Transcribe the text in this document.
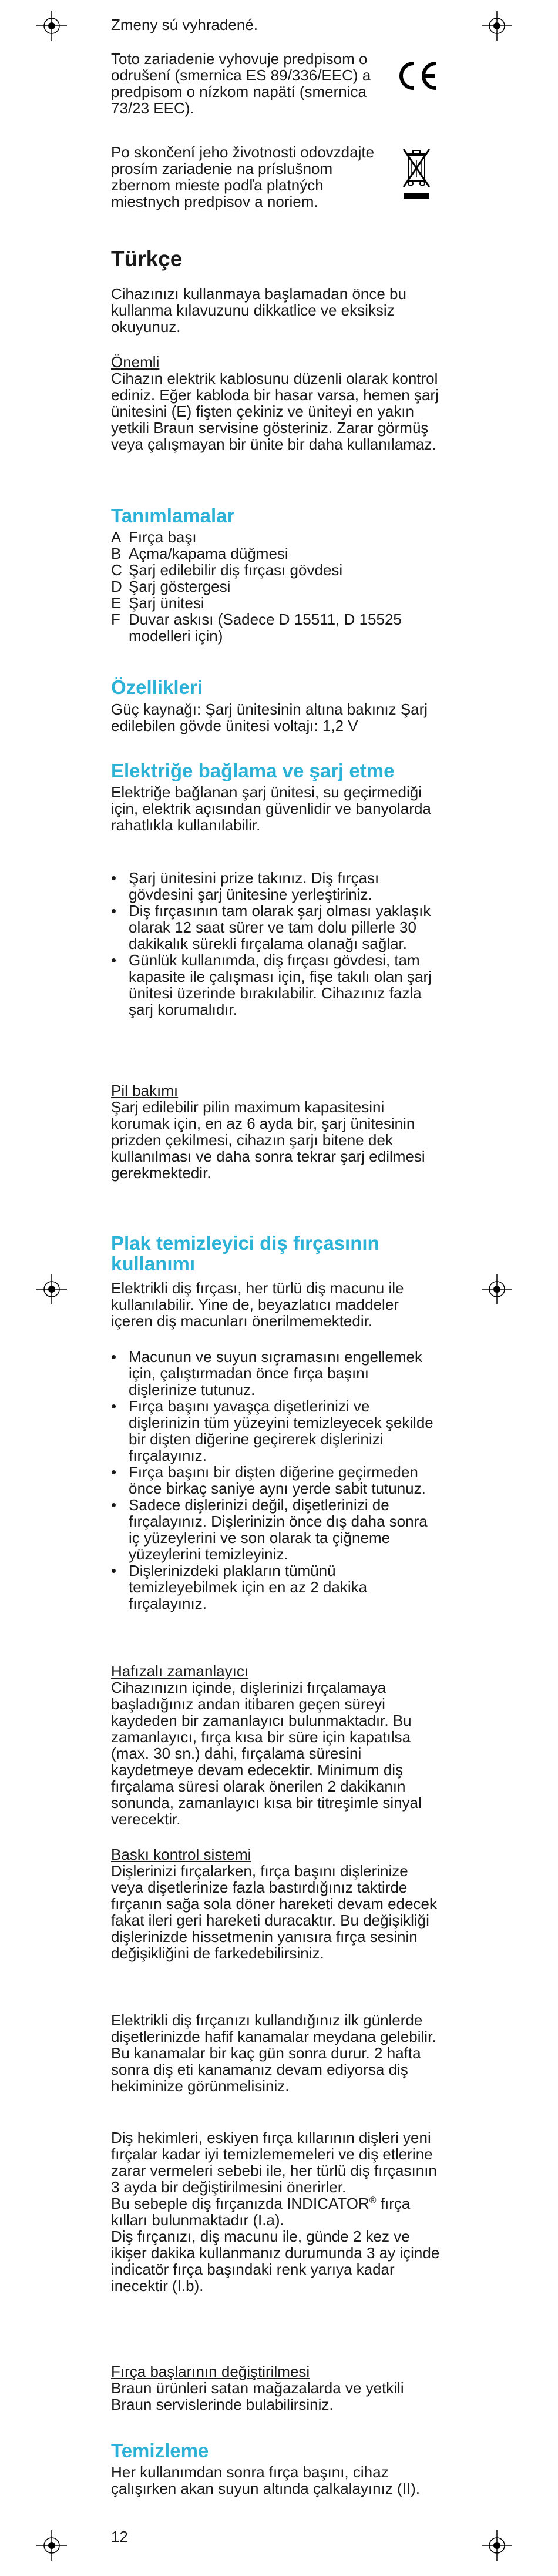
Zmeny sú vyhradené.

Toto zariadenie vyhovuje predpisom o odrušení (smernica ES 89/336/EEC) a predpisom o nízkom napätí (smernica 73/23 EEC).

Po skončení jeho životnosti odovzdajte prosím zariadenie na príslušnom zbernom mieste podľa platných miestnych predpisov a noriem.

Türkçe

Cihazınızı kullanmaya başlamadan önce bu kullanma kılavuzunu dikkatlice ve eksiksiz okuyunuz.

Önemli

Cihazın elektrik kablosunu düzenli olarak kontrol ediniz. Eğer kabloda bir hasar varsa, hemen şarj ünitesini (E) fişten çekiniz ve üniteyi en yakın yetkili Braun servisine gösteriniz. Zarar görmüş veya çalışmayan bir ünite bir daha kullanılamaz.

Tanımlamalar
A Fırça başı
B Açma/kapama düğmesi
C Şarj edilebilir diş fırçası gövdesi
D Şarj göstergesi
E Şarj ünitesi
F Duvar askısı (Sadece D 15511, D 15525 modelleri için)
Özellikleri

Güç kaynağı: Şarj ünitesinin altına bakınız Şarj edilebilen gövde ünitesi voltajı: 1,2 V

Elektriğe bağlama ve şarj etme

Elektriğe bağlanan şarj ünitesi, su geçirmediği için, elektrik açısından güvenlidir ve banyolarda rahatlıkla kullanılabilir.

• Şarj ünitesini prize takınız. Diş fırçası gövdesini şarj ünitesine yerleştiriniz.
• Diş fırçasının tam olarak şarj olması yaklaşık olarak 12 saat sürer ve tam dolu pillerle 30 dakikalık sürekli fırçalama olanağı sağlar.
• Günlük kullanımda, diş fırçası gövdesi, tam kapasite ile çalışması için, fişe takılı olan şarj ünitesi üzerinde bırakılabilir. Cihazınız fazla şarj korumalıdır.

Pil bakımı

Şarj edilebilir pilin maximum kapasitesini korumak için, en az 6 ayda bir, şarj ünitesinin prizden çekilmesi, cihazın şarjı bitene dek kullanılması ve daha sonra tekrar şarj edilmesi gerekmektedir.

Plak temizleyici diş fırçasının kullanımı

Elektrikli diş fırçası, her türlü diş macunu ile kullanılabilir. Yine de, beyazlatıcı maddeler içeren diş macunları önerilmemektedir.

• Macunun ve suyun sıçramasını engellemek için, çalıştırmadan önce fırça başını dişlerinize tutunuz.
• Fırça başını yavaşça dişetlerinizi ve dişlerinizin tüm yüzeyini temizleyecek şekilde bir dişten diğerine geçirerek dişlerinizi fırçalayınız.
• Fırça başını bir dişten diğerine geçirmeden önce birkaç saniye aynı yerde sabit tutunuz.
• Sadece dişlerinizi değil, dişetlerinizi de fırçalayınız. Dişlerinizin önce dış daha sonra iç yüzeylerini ve son olarak ta çiğneme yüzeylerini temizleyiniz.
• Dişlerinizdeki plakların tümünü temizleyebilmek için en az 2 dakika fırçalayınız.

Hafızalı zamanlayıcı

Cihazınızın içinde, dişlerinizi fırçalamaya başladığınız andan itibaren geçen süreyi kaydeden bir zamanlayıcı bulunmaktadır. Bu zamanlayıcı, fırça kısa bir süre için kapatılsa (max. 30 sn.) dahi, fırçalama süresini kaydetmeye devam edecektir. Minimum diş fırçalama süresi olarak önerilen 2 dakikanın sonunda, zamanlayıcı kısa bir titreşimle sinyal verecektir.

Baskı kontrol sistemi

Dişlerinizi fırçalarken, fırça başını dişlerinize veya dişetlerinize fazla bastırdığınız taktirde fırçanın sağa sola döner hareketi devam edecek fakat ileri geri hareketi duracaktır. Bu değişikliği dişlerinizde hissetmenin yanısıra fırça sesinin değişikliğini de farkedebilirsiniz.

Elektrikli diş fırçanızı kullandığınız ilk günlerde dişetlerinizde hafif kanamalar meydana gelebilir. Bu kanamalar bir kaç gün sonra durur. 2 hafta sonra diş eti kanamanız devam ediyorsa diş hekiminize görünmelisiniz.

Diş hekimleri, eskiyen fırça kıllarının dişleri yeni fırçalar kadar iyi temizlememeleri ve diş etlerine zarar vermeleri sebebi ile, her türlü diş fırçasının 3 ayda bir değiştirilmesini önerirler.
Bu sebeple diş fırçanızda INDICATOR® fırça kılları bulunmaktadır (I.a).
Diş fırçanızı, diş macunu ile, günde 2 kez ve ikişer dakika kullanmanız durumunda 3 ay içinde indicatör fırça başındaki renk yarıya kadar inecektir (I.b).

Fırça başlarının değiştirilmesi

Braun ürünleri satan mağazalarda ve yetkili Braun servislerinde bulabilirsiniz.

Temizleme

Her kullanımdan sonra fırça başını, cihaz çalışırken akan suyun altında çalkalayınız (II).

12
